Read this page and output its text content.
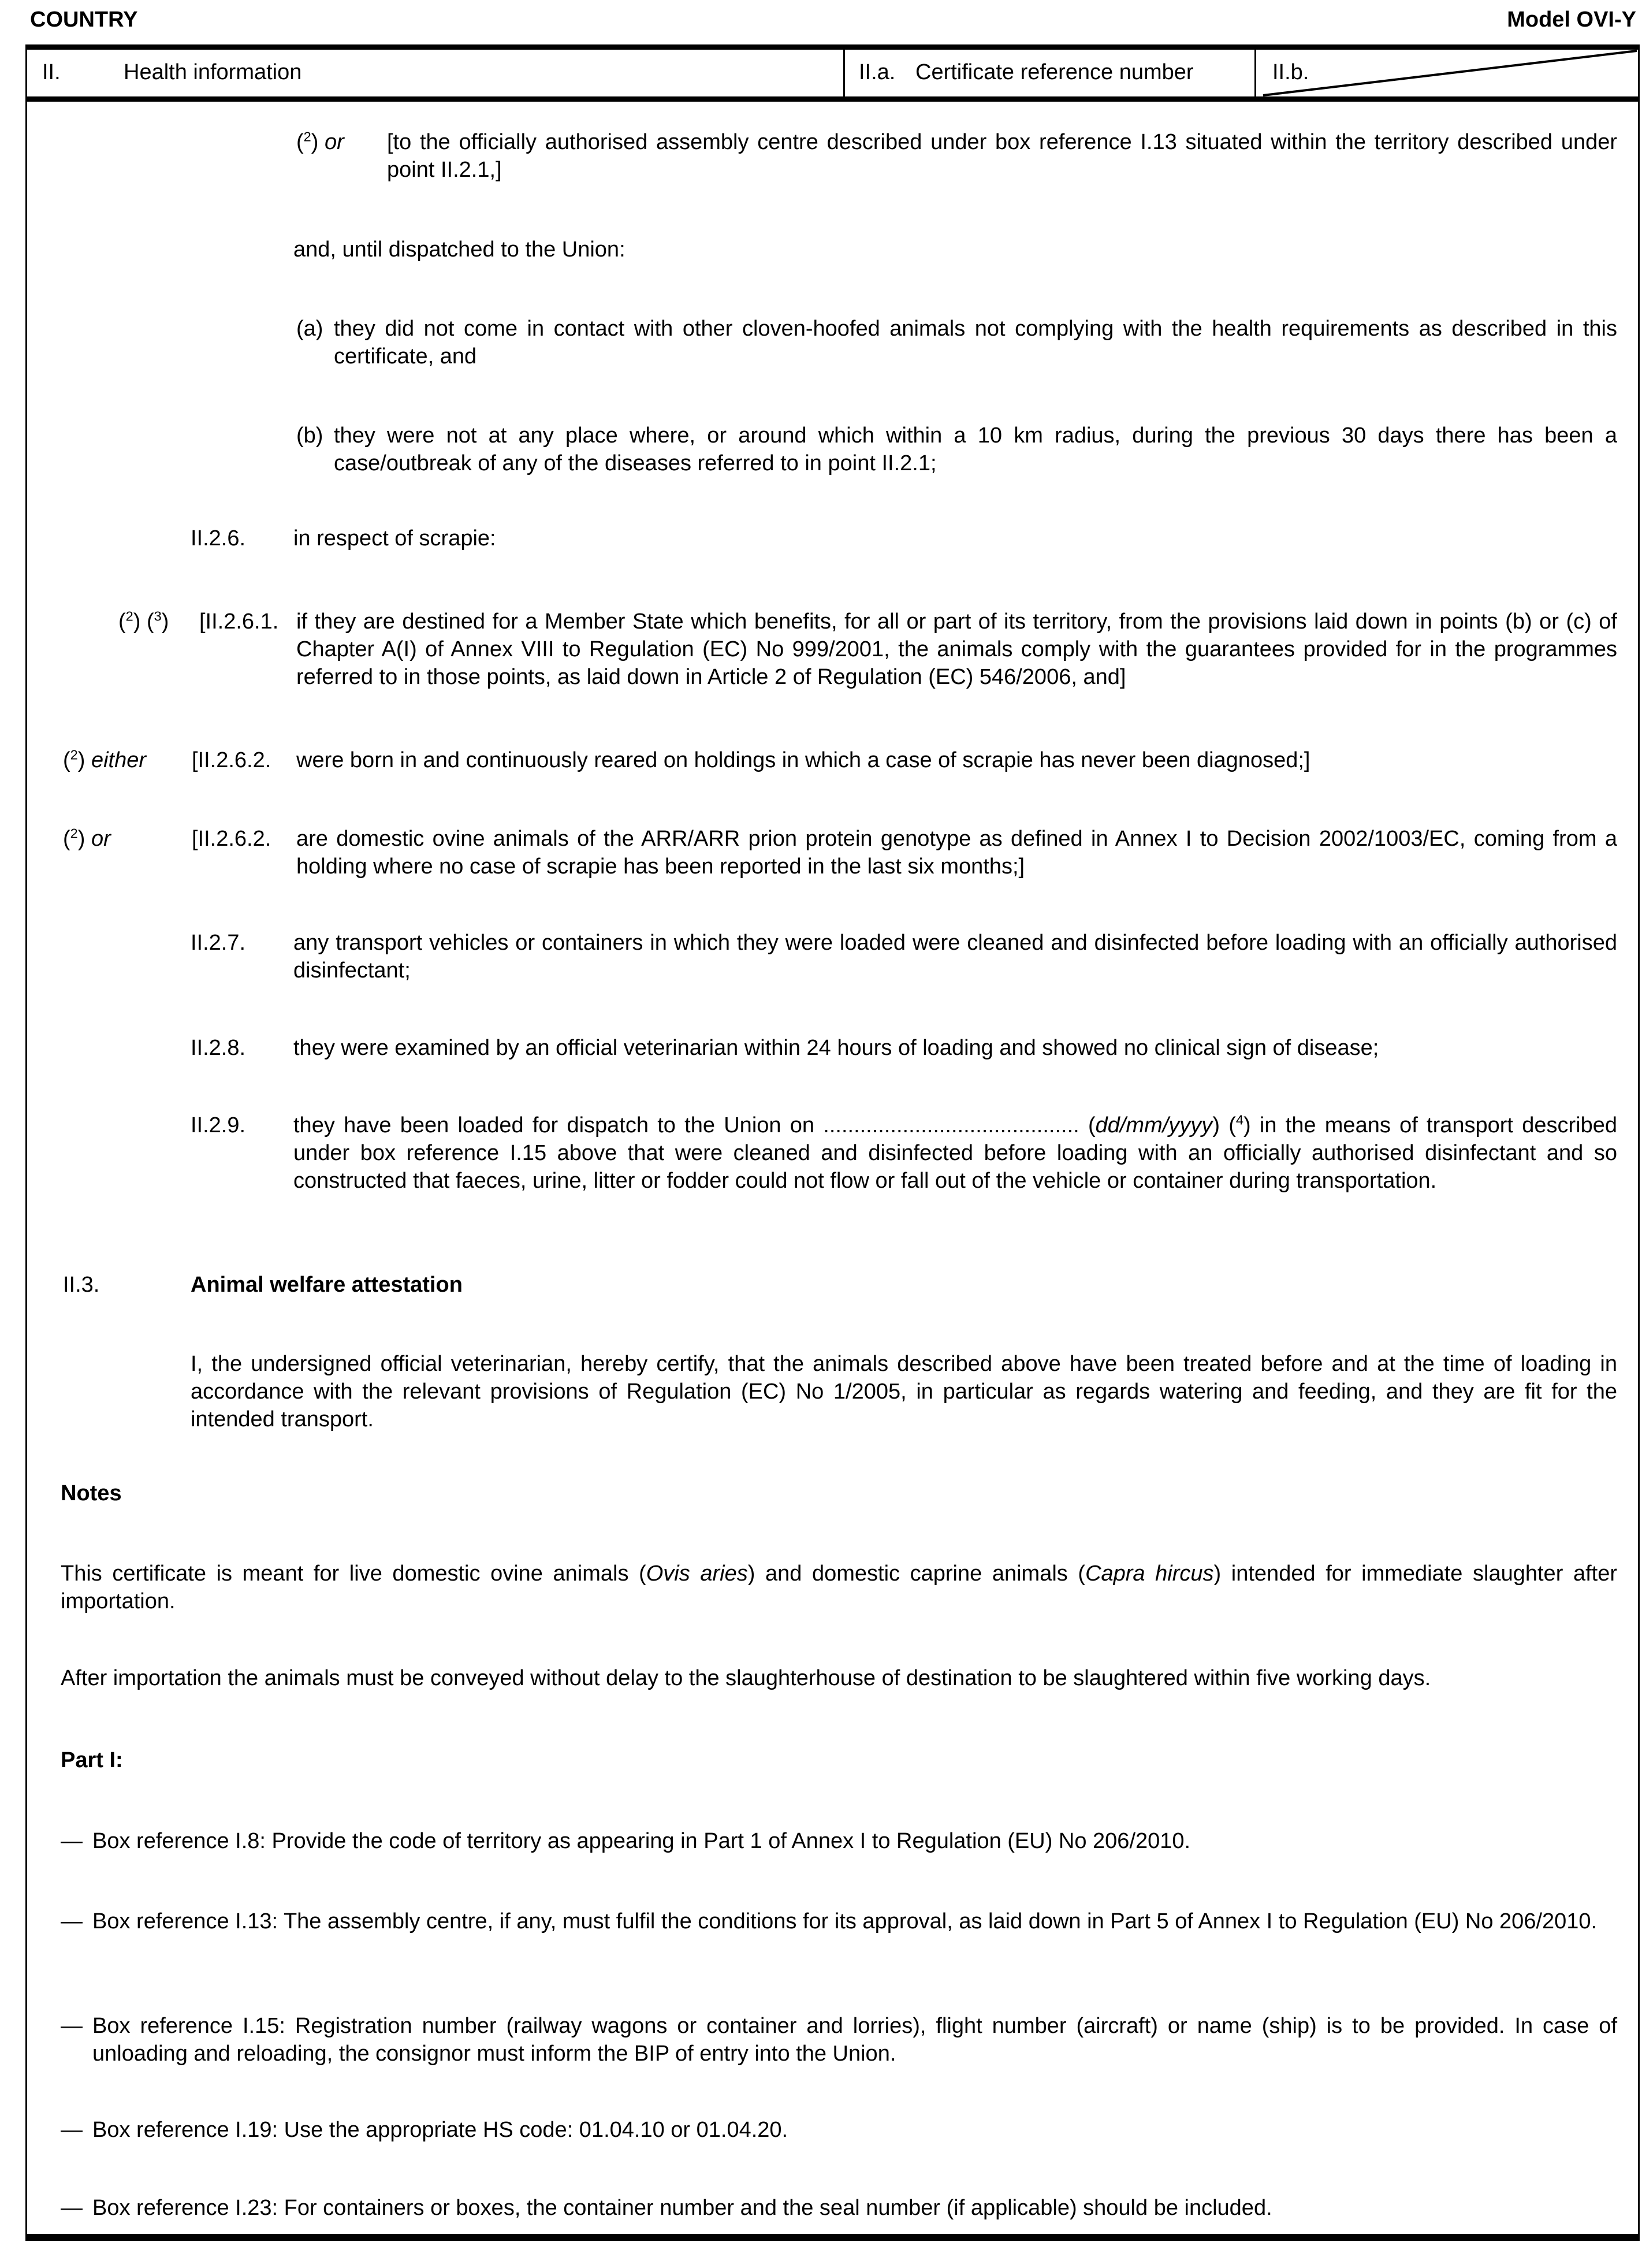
COUNTRY	Model OVI-Y
II.	Health information	II.a. Certificate reference number	II.b.
($^2$) or	[to the officially authorised assembly centre described under box reference I.13 situated within the territory described under point II.2.1,]
and, until dispatched to the Union:
(a) they did not come in contact with other cloven-hoofed animals not complying with the health requirements as described in this certificate, and
(b) they were not at any place where, or around which within a 10 km radius, during the previous 30 days there has been a case/outbreak of any of the diseases referred to in point II.2.1;
II.2.6.	in respect of scrapie:
($^2$) ($^3$) [II.2.6.1. if they are destined for a Member State which benefits, for all or part of its territory, from the provisions laid down in points (b) or (c) of Chapter A(I) of Annex VIII to Regulation (EC) No 999/2001, the animals comply with the guarantees provided for in the programmes referred to in those points, as laid down in Article 2 of Regulation (EC) 546/2006, and]
($^2$) either [II.2.6.2.	were born in and continuously reared on holdings in which a case of scrapie has never been diagnosed;]
($^2$) or	[II.2.6.2.	are domestic ovine animals of the ARR/ARR prion protein genotype as defined in Annex I to Decision 2002/1003/EC, coming from a holding where no case of scrapie has been reported in the last six months;]
II.2.7.	any transport vehicles or containers in which they were loaded were cleaned and disinfected before loading with an officially authorised disinfectant;
II.2.8.	they were examined by an official veterinarian within 24 hours of loading and showed no clinical sign of disease;
II.2.9.	they have been loaded for dispatch to the Union on .......................................... (dd/mm/yyyy) ($^4$) in the means of transport described under box reference I.15 above that were cleaned and disinfected before loading with an officially authorised disinfectant and so constructed that faeces, urine, litter or fodder could not flow or fall out of the vehicle or container during transportation.
II.3.	Animal welfare attestation
I, the undersigned official veterinarian, hereby certify, that the animals described above have been treated before and at the time of loading in accordance with the relevant provisions of Regulation (EC) No 1/2005, in particular as regards watering and feeding, and they are fit for the intended transport.
Notes
This certificate is meant for live domestic ovine animals (Ovis aries) and domestic caprine animals (Capra hircus) intended for immediate slaughter after importation.
After importation the animals must be conveyed without delay to the slaughterhouse of destination to be slaughtered within five working days.
Part I:
— Box reference I.8: Provide the code of territory as appearing in Part 1 of Annex I to Regulation (EU) No 206/2010.
— Box reference I.13: The assembly centre, if any, must fulfil the conditions for its approval, as laid down in Part 5 of Annex I to Regulation (EU) No 206/2010.
— Box reference I.15: Registration number (railway wagons or container and lorries), flight number (aircraft) or name (ship) is to be provided. In case of unloading and reloading, the consignor must inform the BIP of entry into the Union.
— Box reference I.19: Use the appropriate HS code: 01.04.10 or 01.04.20.
— Box reference I.23: For containers or boxes, the container number and the seal number (if applicable) should be included.
